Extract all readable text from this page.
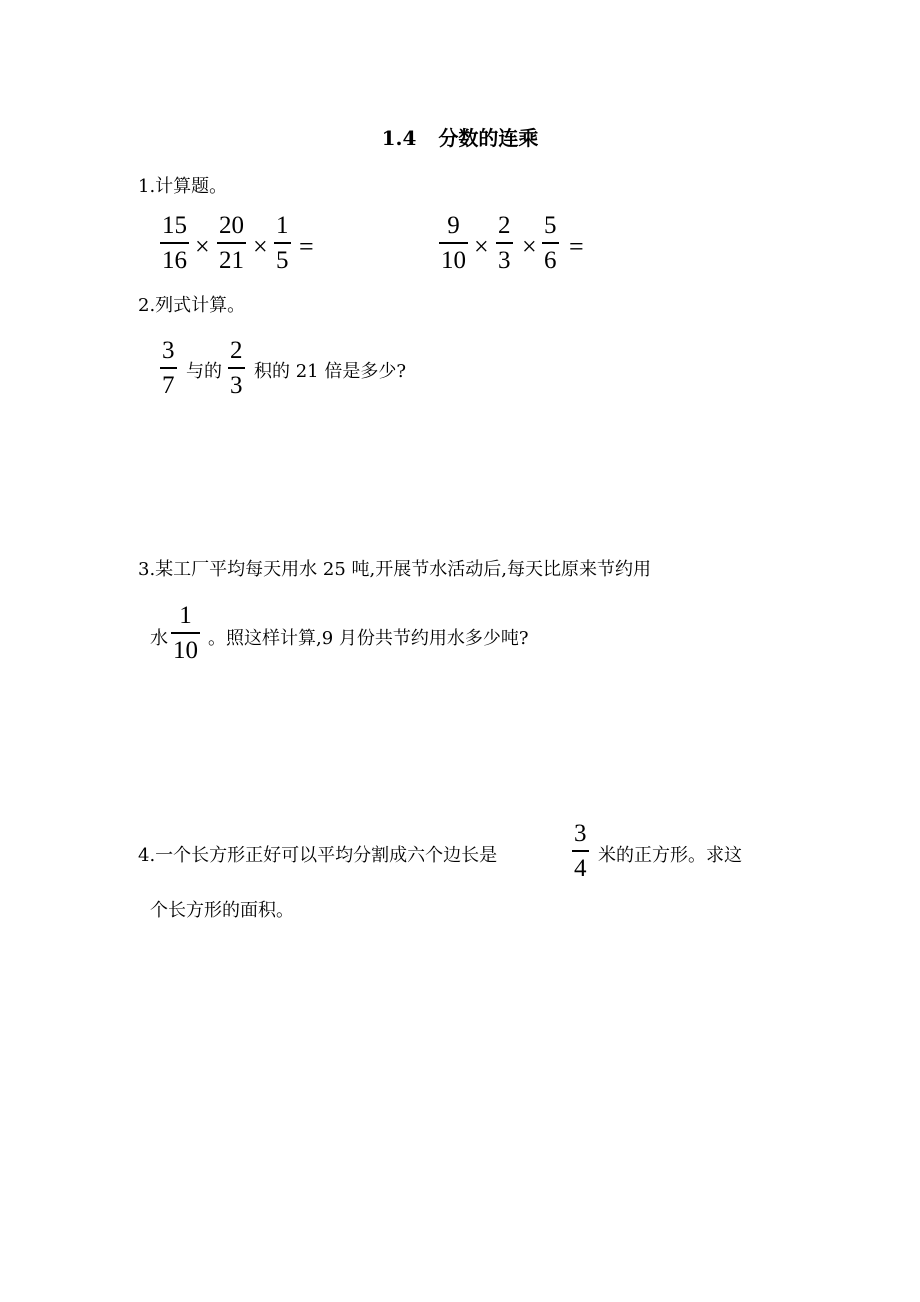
1.4 分数的连乘
1.计算题。
15
16 ×
20
21 ×
1
5 =
9
10 ×
2
3 ×
5
6 =
2.列式计算。
3
7 与的
2
3 积的 21 倍是多少?
3.某工厂平均每天用水 25 吨,开展节水活动后,每天比原来节约用
水
1
10 。照这样计算,9 月份共节约用水多少吨?
4.一个长方形正好可以平均分割成六个边长是
3
4 米的正方形。求这
个长方形的面积。
